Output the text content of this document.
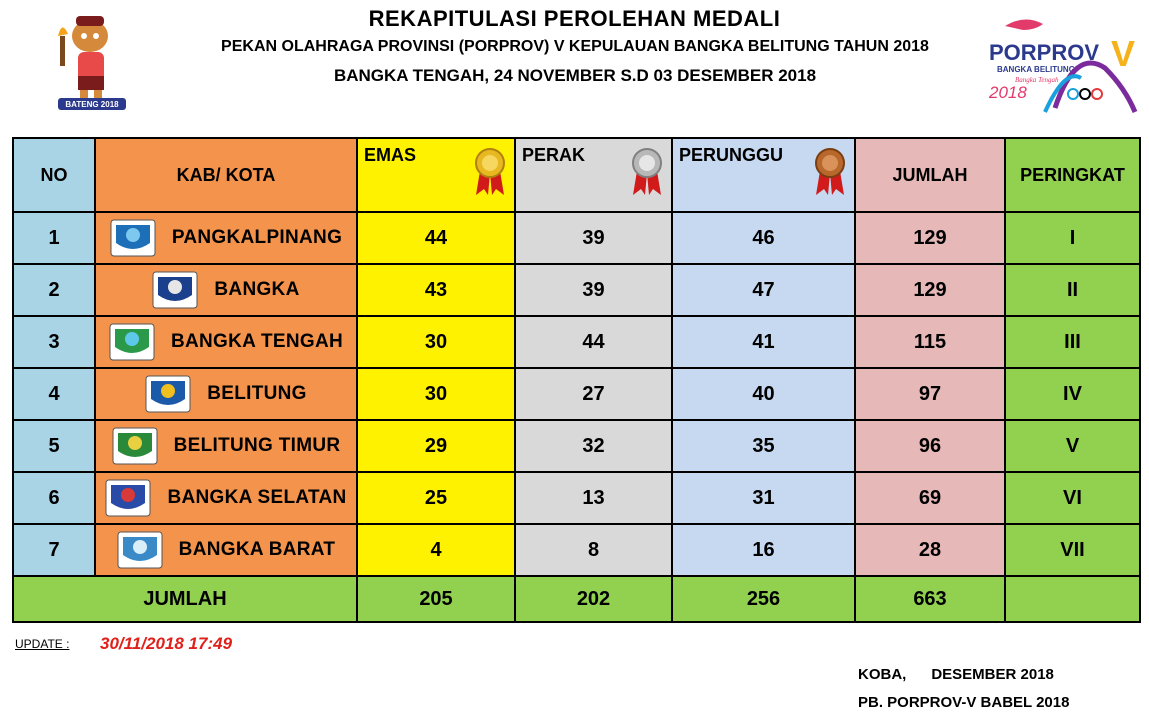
BATENG 2018
REKAPITULASI PEROLEHAN MEDALI
PEKAN OLAHRAGA PROVINSI (PORPROV) V KEPULAUAN BANGKA BELITUNG TAHUN 2018
BANGKA TENGAH, 24 NOVEMBER S.D 03 DESEMBER 2018
PORPROV V
BANGKA BELITUNG
Bangka Tengah
2018
NO	KAB/ KOTA	EMAS	PERAK	PERUNGGU	JUMLAH	PERINGKAT
1	PANGKALPINANG	44	39	46	129	I
2	BANGKA	43	39	47	129	II
3	BANGKA TENGAH	30	44	41	115	III
4	BELITUNG	30	27	40	97	IV
5	BELITUNG TIMUR	29	32	35	96	V
6	BANGKA SELATAN	25	13	31	69	VI
7	BANGKA BARAT	4	8	16	28	VII
JUMLAH		205	202	256	663	
UPDATE : 30/11/2018 17:49
KOBA,      DESEMBER 2018
PB. PORPROV-V BABEL 2018
